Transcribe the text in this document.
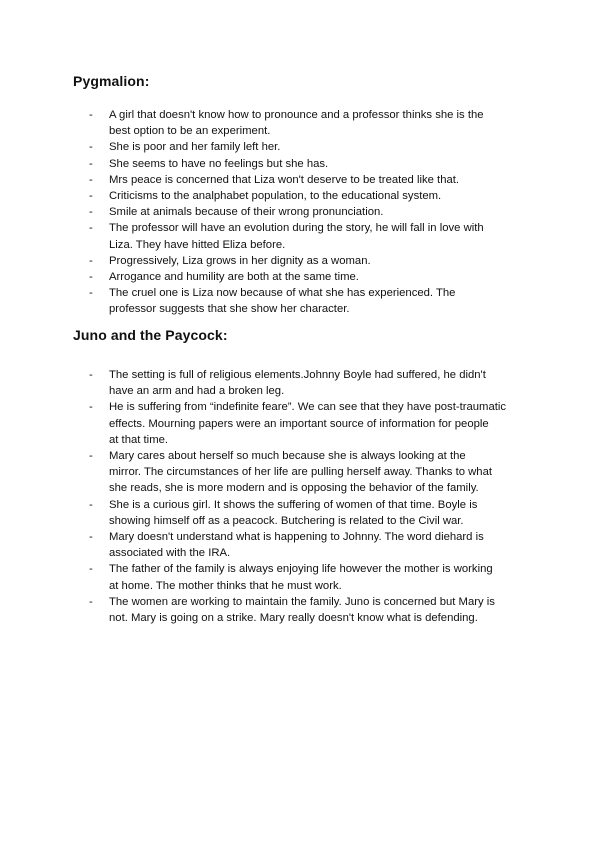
Pygmalion:
- A girl that doesn't know how to pronounce and a professor thinks she is the
best option to be an experiment.
- She is poor and her family left her.
- She seems to have no feelings but she has.
- Mrs peace is concerned that Liza won't deserve to be treated like that.
- Criticisms to the analphabet population, to the educational system.
- Smile at animals because of their wrong pronunciation.
- The professor will have an evolution during the story, he will fall in love with
Liza. They have hitted Eliza before.
- Progressively, Liza grows in her dignity as a woman.
- Arrogance and humility are both at the same time.
- The cruel one is Liza now because of what she has experienced. The
professor suggests that she show her character.
Juno and the Paycock:
- The setting is full of religious elements.Johnny Boyle had suffered, he didn't
have an arm and had a broken leg.
- He is suffering from “indefinite feare”. We can see that they have post-traumatic
effects. Mourning papers were an important source of information for people
at that time.
- Mary cares about herself so much because she is always looking at the
mirror. The circumstances of her life are pulling herself away. Thanks to what
she reads, she is more modern and is opposing the behavior of the family.
- She is a curious girl. It shows the suffering of women of that time. Boyle is
showing himself off as a peacock. Butchering is related to the Civil war.
- Mary doesn't understand what is happening to Johnny. The word diehard is
associated with the IRA.
- The father of the family is always enjoying life however the mother is working
at home. The mother thinks that he must work.
- The women are working to maintain the family. Juno is concerned but Mary is
not. Mary is going on a strike. Mary really doesn't know what is defending.
